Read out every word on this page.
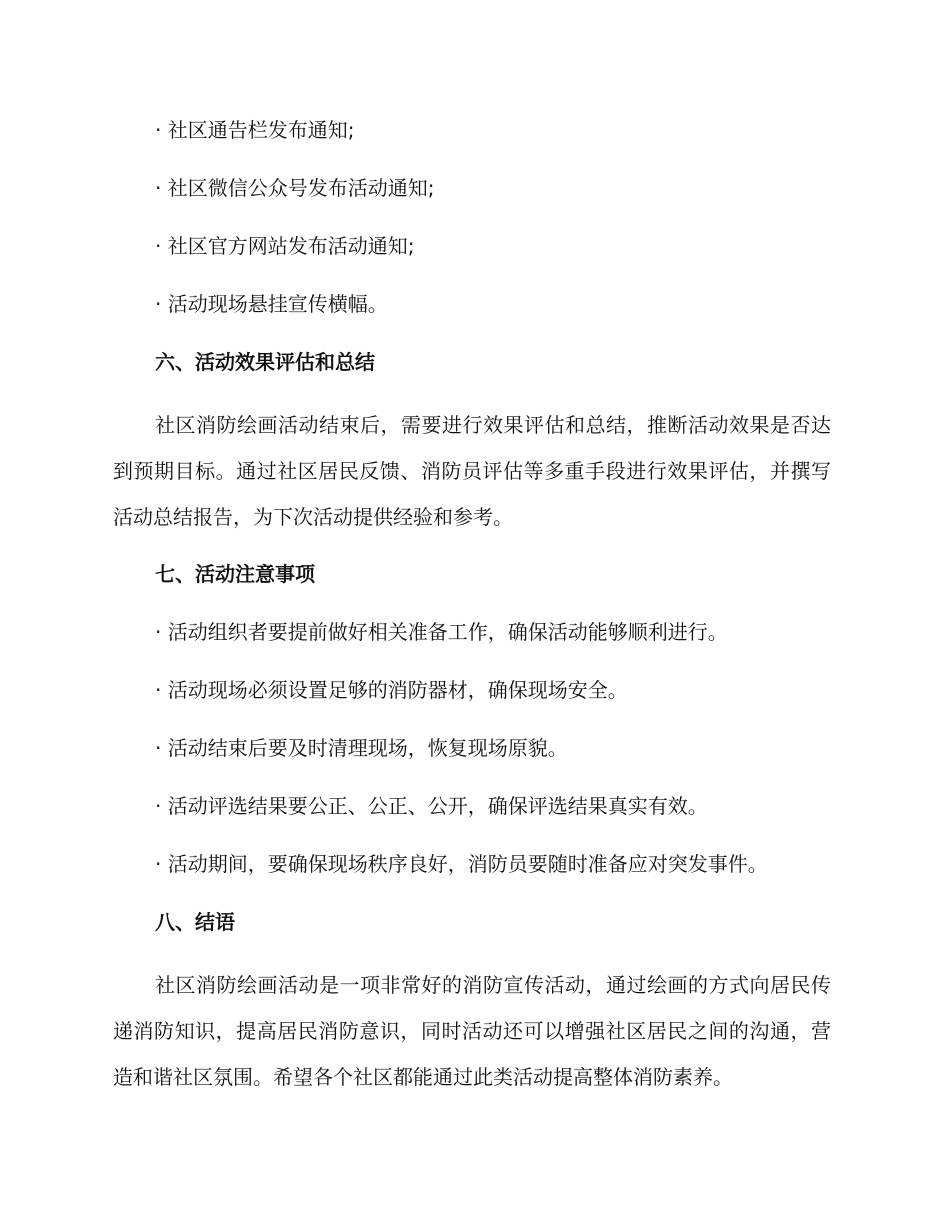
· 社区通告栏发布通知;
· 社区微信公众号发布活动通知;
· 社区官方网站发布活动通知;
· 活动现场悬挂宣传横幅。
六、活动效果评估和总结

社区消防绘画活动结束后，需要进行效果评估和总结，推断活动效果是否达到预期目标。通过社区居民反馈、消防员评估等多重手段进行效果评估，并撰写活动总结报告，为下次活动提供经验和参考。

七、活动注意事项
· 活动组织者要提前做好相关准备工作，确保活动能够顺利进行。
· 活动现场必须设置足够的消防器材，确保现场安全。
· 活动结束后要及时清理现场，恢复现场原貌。
· 活动评选结果要公正、公正、公开，确保评选结果真实有效。
· 活动期间，要确保现场秩序良好，消防员要随时准备应对突发事件。
八、结语

社区消防绘画活动是一项非常好的消防宣传活动，通过绘画的方式向居民传递消防知识，提高居民消防意识，同时活动还可以增强社区居民之间的沟通，营造和谐社区氛围。希望各个社区都能通过此类活动提高整体消防素养。
